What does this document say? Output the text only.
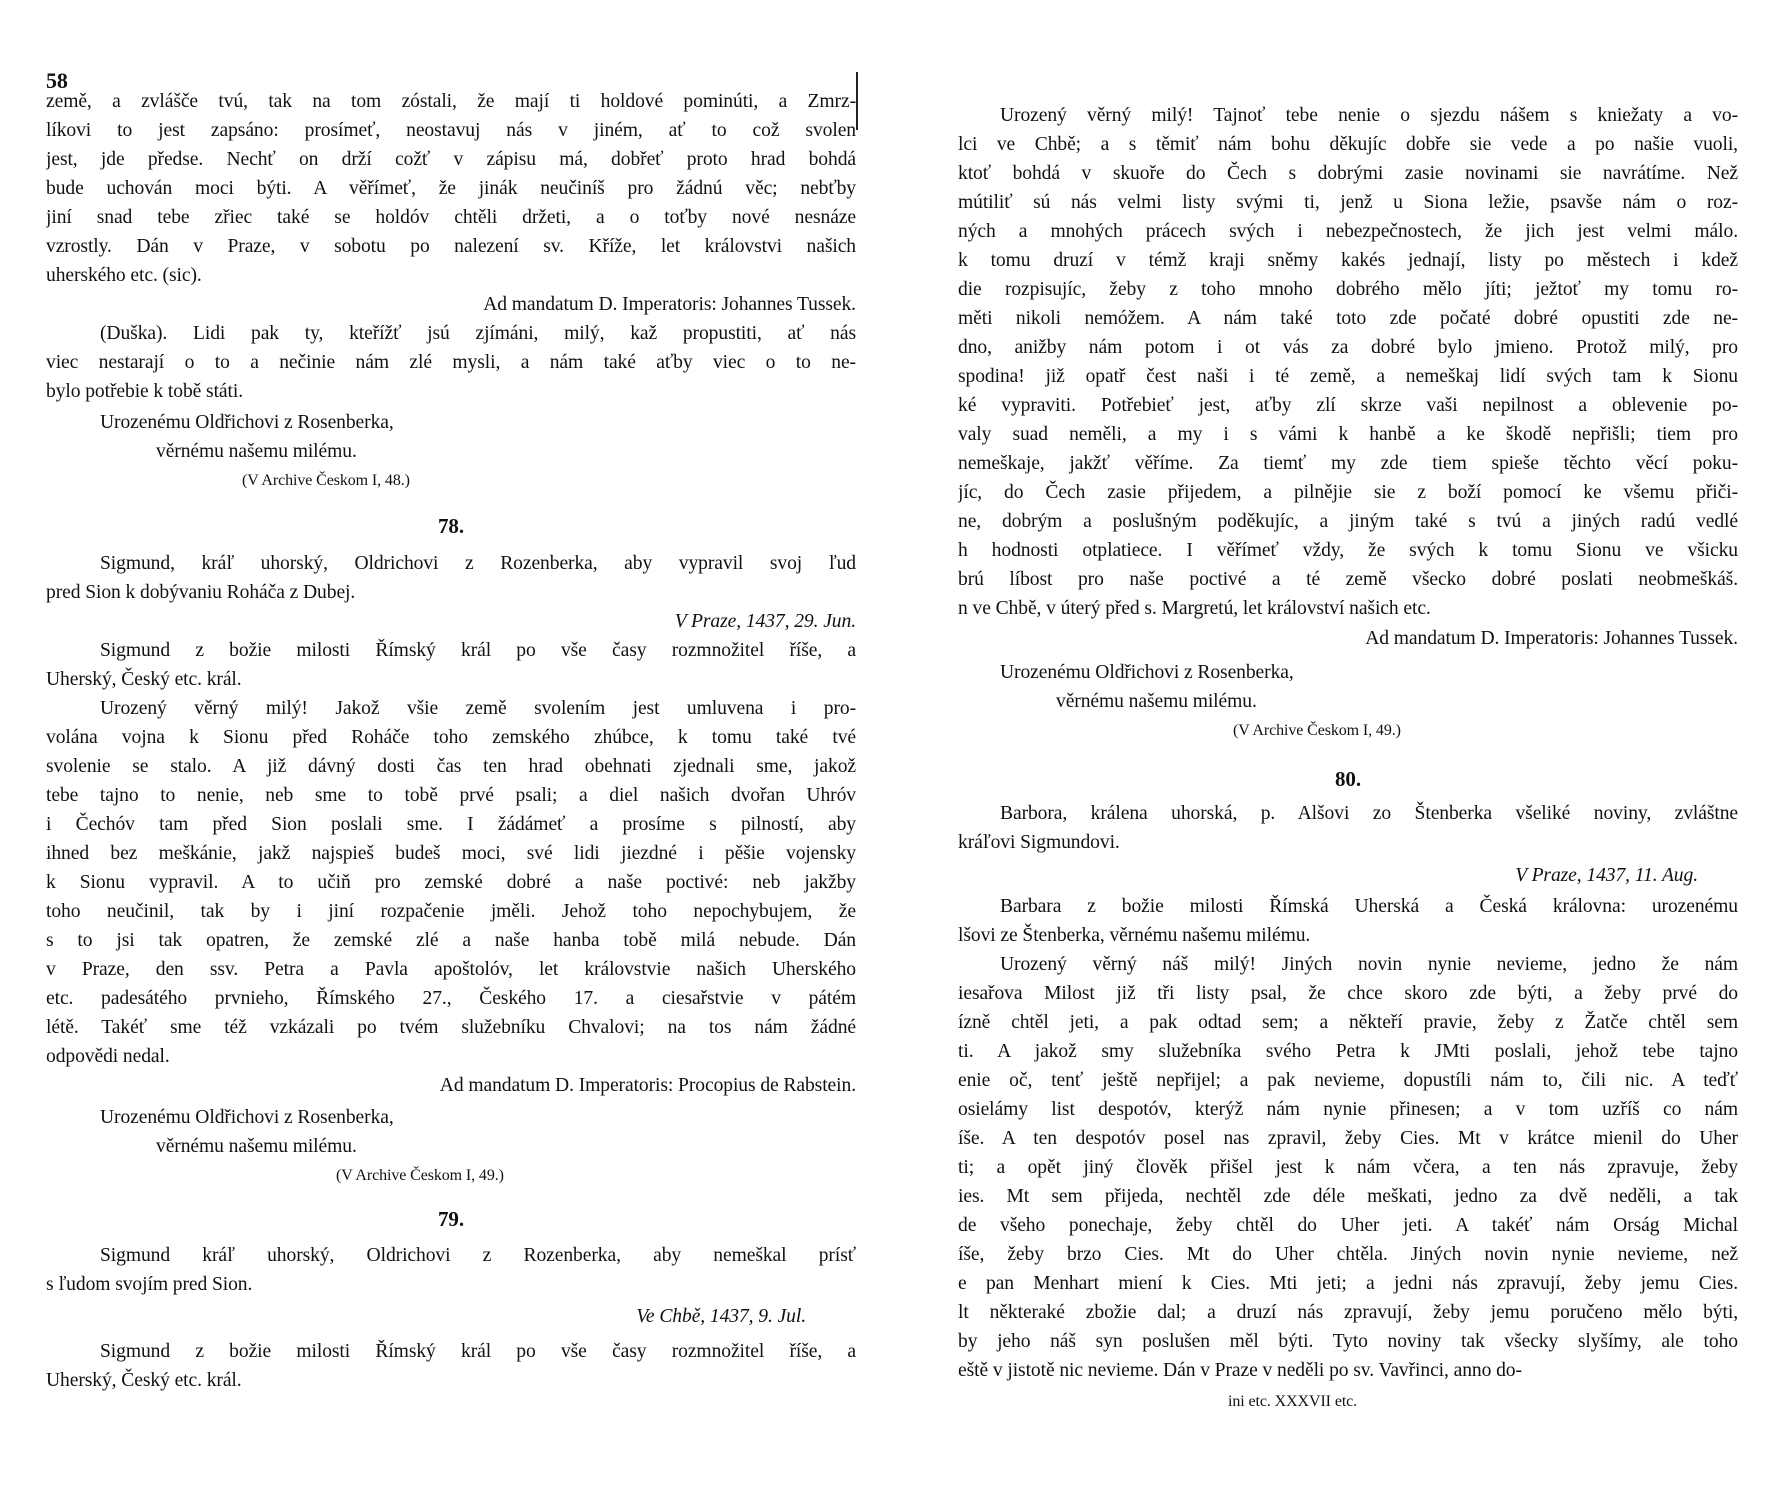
58
země, a zvlášče tvú, tak na tom zóstali, že mají ti holdové pominúti, a Zmrz-
líkovi to jest zapsáno: prosímeť, neostavuj nás v jiném, ať to což svolen
jest, jde předse. Nechť on drží cožť v zápisu má, dobřeť proto hrad bohdá
bude uchován moci býti. A věřímeť, že jinák neučiníš pro žádnú věc; nebťby
jiní snad tebe zřiec také se holdóv chtěli držeti, a o toťby nové nesnáze
vzrostly. Dán v Praze, v sobotu po nalezení sv. Kříže, let královstvi našich
uherského etc. (sic).
Ad mandatum D. Imperatoris: Johannes Tussek.
(Duška). Lidi pak ty, kteřížť jsú zjímáni, milý, kaž propustiti, ať nás
viec nestarají o to a nečinie nám zlé mysli, a nám také aťby viec o to ne-
bylo potřebie k tobě státi.
Urozenému Oldřichovi z Rosenberka,
věrnému našemu milému.
(V Archive Českom I, 48.)
78.
Sigmund, kráľ uhorský, Oldrichovi z Rozenberka, aby vypravil svoj ľud
pred Sion k dobývaniu Roháča z Dubej.
V Praze, 1437, 29. Jun.
Sigmund z božie milosti Římský král po vše časy rozmnožitel říše, a
Uherský, Český etc. král.
Urozený věrný milý! Jakož všie země svolením jest umluvena i pro-
volána vojna k Sionu před Roháče toho zemského zhúbce, k tomu také tvé
svolenie se stalo. A již dávný dosti čas ten hrad obehnati zjednali sme, jakož
tebe tajno to nenie, neb sme to tobě prvé psali; a diel našich dvořan Uhróv
i Čechóv tam před Sion poslali sme. I žádámeť a prosíme s pilností, aby
ihned bez meškánie, jakž najspieš budeš moci, své lidi jiezdné i pěšie vojensky
k Sionu vypravil. A to učiň pro zemské dobré a naše poctivé: neb jakžby
toho neučinil, tak by i jiní rozpačenie jměli. Jehož toho nepochybujem, že
s to jsi tak opatren, že zemské zlé a naše hanba tobě milá nebude. Dán
v Praze, den ssv. Petra a Pavla apoštolóv, let královstvie našich Uherského
etc. padesátého prvnieho, Římského 27., Českého 17. a ciesařstvie v pátém
létě. Takéť sme též vzkázali po tvém služebníku Chvalovi; na tos nám žádné
odpovědi nedal.
Ad mandatum D. Imperatoris: Procopius de Rabstein.
Urozenému Oldřichovi z Rosenberka,
věrnému našemu milému.
(V Archive Českom I, 49.)
79.
Sigmund kráľ uhorský, Oldrichovi z Rozenberka, aby nemeškal prísť
s ľudom svojím pred Sion.
Ve Chbě, 1437, 9. Jul.
Sigmund z božie milosti Římský král po vše časy rozmnožitel říše, a
Uherský, Český etc. král.
Urozený věrný milý! Tajnoť tebe nenie o sjezdu nášem s kniežaty a vo-
lci ve Chbě; a s těmiť nám bohu děkujíc dobře sie vede a po našie vuoli,
ktoť bohdá v skuoře do Čech s dobrými zasie novinami sie navrátíme. Než
mútiliť sú nás velmi listy svými ti, jenž u Siona ležie, psavše nám o roz-
ných a mnohých prácech svých i nebezpečnostech, že jich jest velmi málo.
k tomu druzí v témž kraji sněmy kakés jednají, listy po městech i kdež
die rozpisujíc, žeby z toho mnoho dobrého mělo jíti; ježtoť my tomu ro-
měti nikoli nemóžem. A nám také toto zde počaté dobré opustiti zde ne-
dno, anižby nám potom i ot vás za dobré bylo jmieno. Protož milý, pro
spodina! již opatř čest naši i té země, a nemeškaj lidí svých tam k Sionu
ké vypraviti. Potřebieť jest, aťby zlí skrze vaši nepilnost a oblevenie po-
valy suad neměli, a my i s vámi k hanbě a ke škodě nepřišli; tiem pro
nemeškaje, jakžť věříme. Za tiemť my zde tiem spieše těchto věcí poku-
jíc, do Čech zasie přijedem, a pilnějie sie z boží pomocí ke všemu přiči-
ne, dobrým a poslušným poděkujíc, a jiným také s tvú a jiných radú vedlé
h hodnosti otplatiece. I věřímeť vždy, že svých k tomu Sionu ve všicku
brú líbost pro naše poctivé a té země všecko dobré poslati neobmeškáš.
n ve Chbě, v úterý před s. Margretú, let království našich etc.
Ad mandatum D. Imperatoris: Johannes Tussek.
Urozenému Oldřichovi z Rosenberka,
věrnému našemu milému.
(V Archive Českom I, 49.)
80.
Barbora, králena uhorská, p. Alšovi zo Štenberka všeliké noviny, zvláštne
kráľovi Sigmundovi.
V Praze, 1437, 11. Aug.
Barbara z božie milosti Římská Uherská a Česká královna: urozenému
lšovi ze Štenberka, věrnému našemu milému.
Urozený věrný náš milý! Jiných novin nynie nevieme, jedno že nám
iesařova Milost již tři listy psal, že chce skoro zde býti, a žeby prvé do
ízně chtěl jeti, a pak odtad sem; a někteří pravie, žeby z Žatče chtěl sem
ti. A jakož smy služebníka svého Petra k JMti poslali, jehož tebe tajno
enie oč, tenť ještě nepřijel; a pak nevieme, dopustíli nám to, čili nic. A teďť
osielámy list despotóv, kterýž nám nynie přinesen; a v tom uzříš co nám
íše. A ten despotóv posel nas zpravil, žeby Cies. Mt v krátce mienil do Uher
ti; a opět jiný člověk přišel jest k nám včera, a ten nás zpravuje, žeby
ies. Mt sem přijeda, nechtěl zde déle meškati, jedno za dvě neděli, a tak
de všeho ponechaje, žeby chtěl do Uher jeti. A takéť nám Orság Michal
íše, žeby brzo Cies. Mt do Uher chtěla. Jiných novin nynie nevieme, než
e pan Menhart miení k Cies. Mti jeti; a jedni nás zpravují, žeby jemu Cies.
lt některaké zbožie dal; a druzí nás zpravují, žeby jemu poručeno mělo býti,
by jeho náš syn poslušen měl býti. Tyto noviny tak všecky slyšímy, ale toho
eště v jistotě nic nevieme. Dán v Praze v neděli po sv. Vavřinci, anno do-
ini etc. XXXVII etc.
